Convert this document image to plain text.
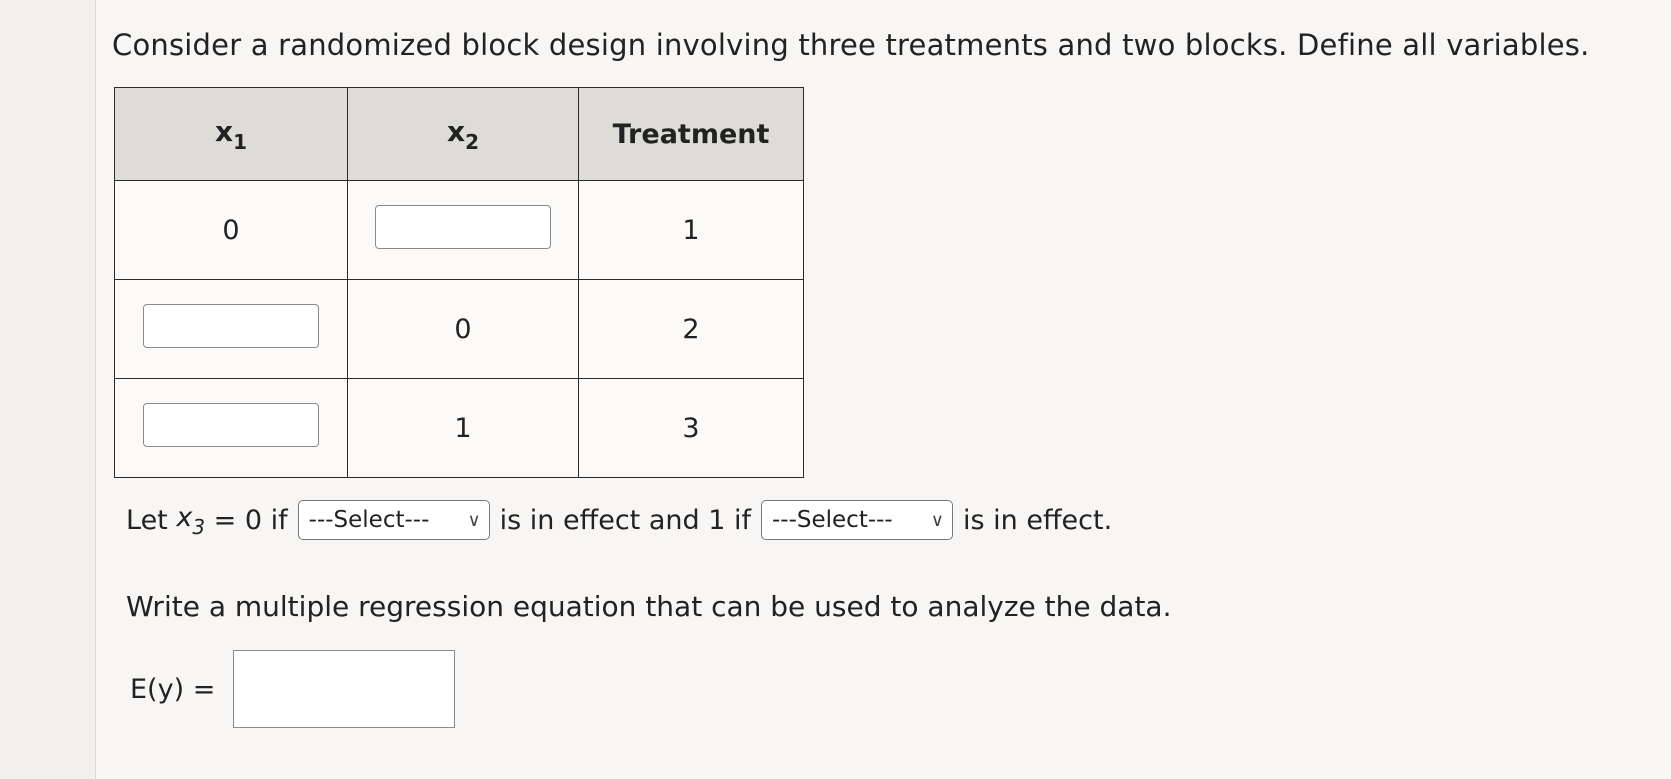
Consider a randomized block design involving three treatments and two blocks. Define all variables.
$x_1$	$x_2$	Treatment
0		1
	0	2
	1	3
Let $x_3 = 0$ if ---Select--- ∨ is in effect and 1 if ---Select--- ∨ is in effect.
Write a multiple regression equation that can be used to analyze the data.
E(y) =
